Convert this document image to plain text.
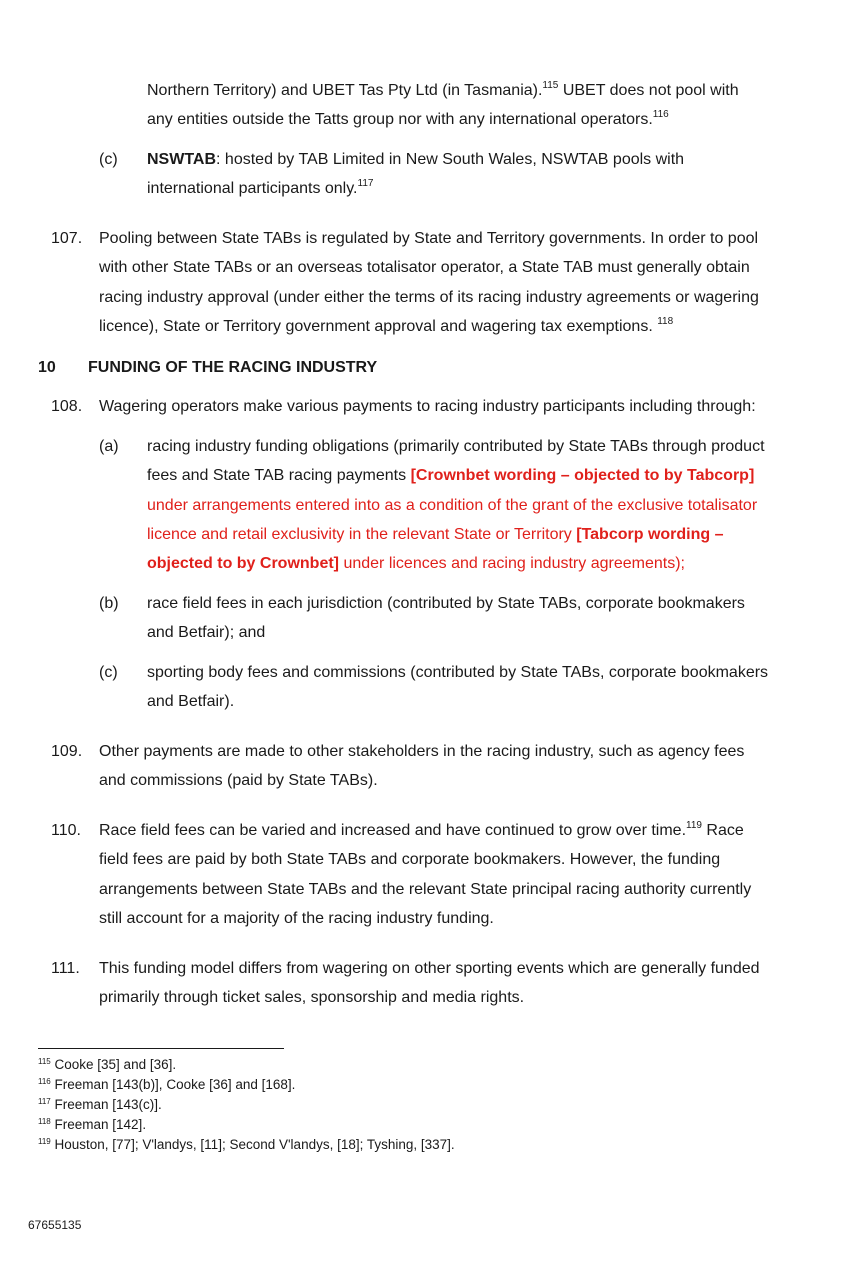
Northern Territory) and UBET Tas Pty Ltd (in Tasmania).$^{115}$ UBET does not pool with
any entities outside the Tatts group nor with any international operators.$^{116}$
(c) NSWTAB: hosted by TAB Limited in New South Wales, NSWTAB pools with
international participants only.$^{117}$
107. Pooling between State TABs is regulated by State and Territory governments. In order to pool
with other State TABs or an overseas totalisator operator, a State TAB must generally obtain
racing industry approval (under either the terms of its racing industry agreements or wagering
licence), State or Territory government approval and wagering tax exemptions. $^{118}$
10 FUNDING OF THE RACING INDUSTRY
108. Wagering operators make various payments to racing industry participants including through:
(a) racing industry funding obligations (primarily contributed by State TABs through product
fees and State TAB racing payments [Crownbet wording – objected to by Tabcorp]
under arrangements entered into as a condition of the grant of the exclusive totalisator
licence and retail exclusivity in the relevant State or Territory [Tabcorp wording –
objected to by Crownbet] under licences and racing industry agreements);
(b) race field fees in each jurisdiction (contributed by State TABs, corporate bookmakers
and Betfair); and
(c) sporting body fees and commissions (contributed by State TABs, corporate bookmakers
and Betfair).
109. Other payments are made to other stakeholders in the racing industry, such as agency fees
and commissions (paid by State TABs).
110. Race field fees can be varied and increased and have continued to grow over time.$^{119}$ Race
field fees are paid by both State TABs and corporate bookmakers. However, the funding
arrangements between State TABs and the relevant State principal racing authority currently
still account for a majority of the racing industry funding.
111. This funding model differs from wagering on other sporting events which are generally funded
primarily through ticket sales, sponsorship and media rights.
$^{115}$ Cooke [35] and [36].
$^{116}$ Freeman [143(b)], Cooke [36] and [168].
$^{117}$ Freeman [143(c)].
$^{118}$ Freeman [142].
$^{119}$ Houston, [77]; V'landys, [11]; Second V'landys, [18]; Tyshing, [337].
67655135
